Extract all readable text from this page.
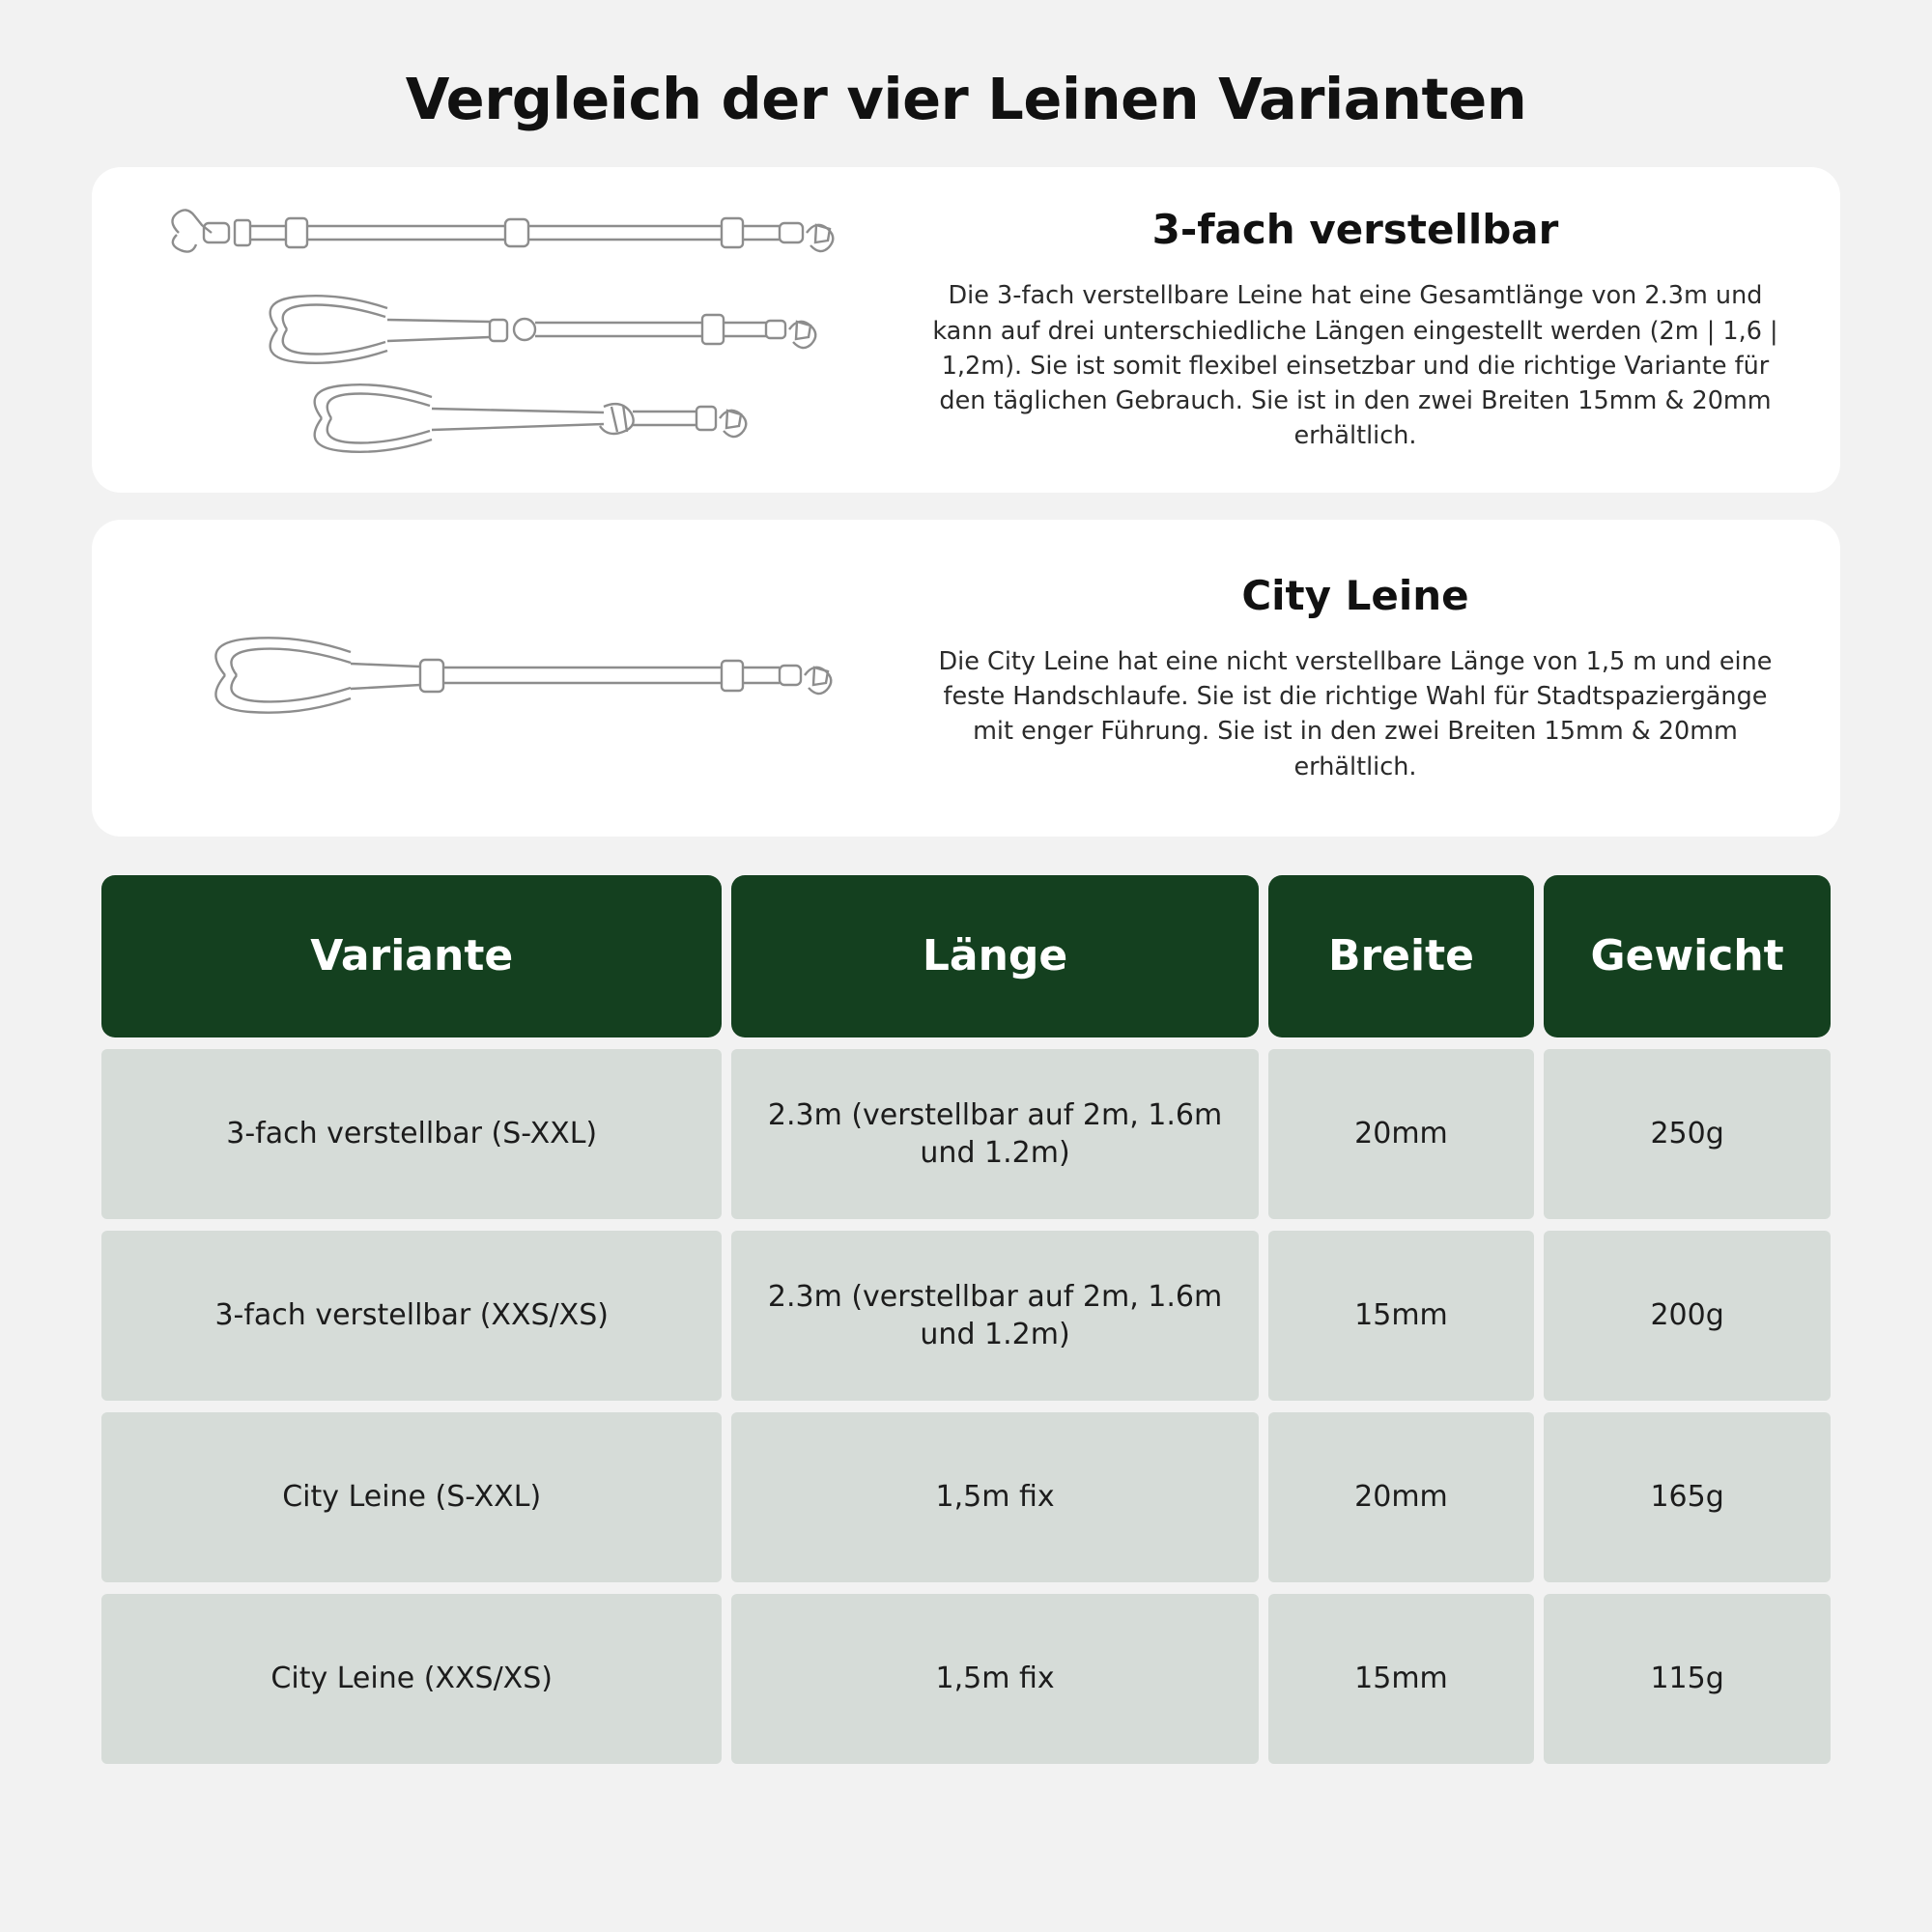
Vergleich der vier Leinen Varianten
3-fach verstellbar

Die 3-fach verstellbare Leine hat eine Gesamtlänge von 2.3m und kann auf drei unterschiedliche Längen eingestellt werden (2m | 1,6 | 1,2m). Sie ist somit flexibel einsetzbar und die richtige Variante für den täglichen Gebrauch. Sie ist in den zwei Breiten 15mm & 20mm erhältlich.

City Leine

Die City Leine hat eine nicht verstellbare Länge von 1,5 m und eine feste Handschlaufe. Sie ist die richtige Wahl für Stadtspaziergänge mit enger Führung. Sie ist in den zwei Breiten 15mm & 20mm erhältlich.

Variante	Länge	Breite	Gewicht
3-fach verstellbar (S-XXL)	2.3m (verstellbar auf 2m, 1.6m und 1.2m)	20mm	250g
3-fach verstellbar (XXS/XS)	2.3m (verstellbar auf 2m, 1.6m und 1.2m)	15mm	200g
City Leine (S-XXL)	1,5m fix	20mm	165g
City Leine (XXS/XS)	1,5m fix	15mm	115g
